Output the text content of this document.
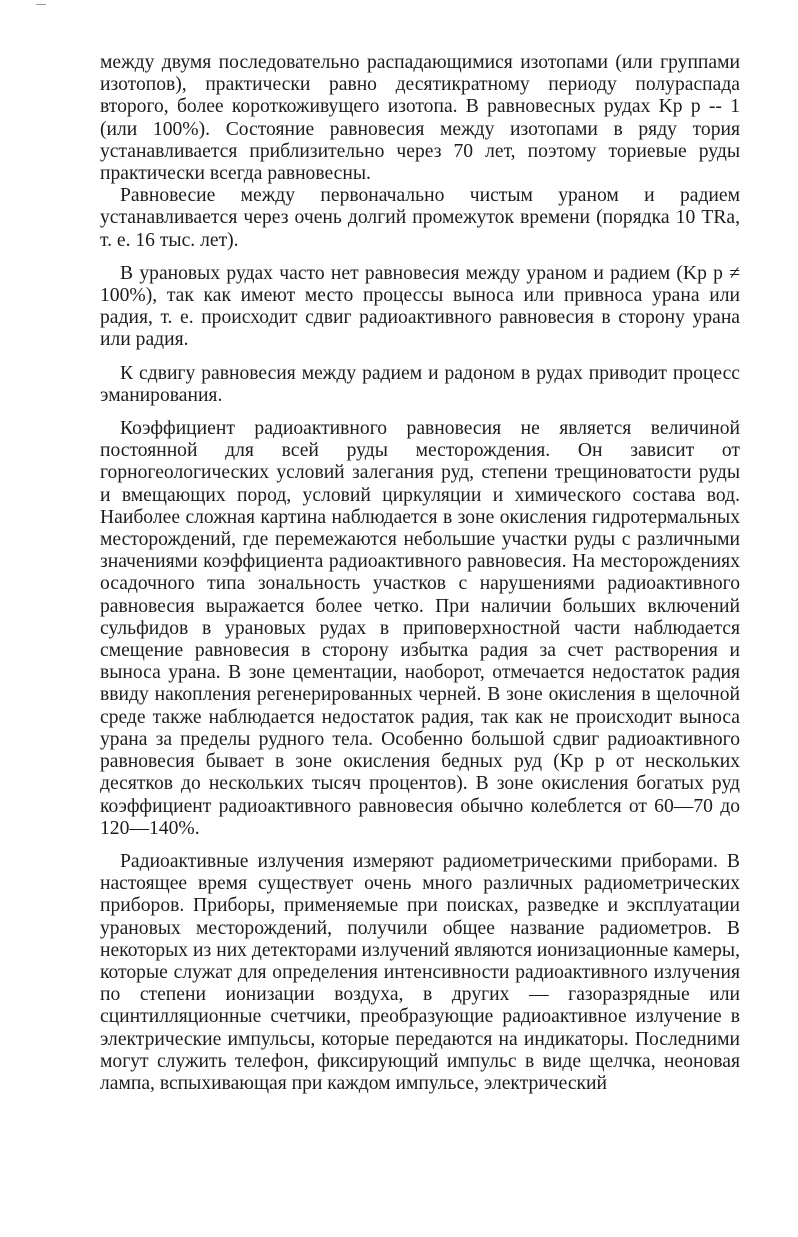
между двумя последовательно распадающимися изотопами (или группами изотопов), практически равно десятикратному периоду полураспада второго, более короткоживущего изотопа. В равновесных рудах Kр р -- 1 (или 100%). Состояние равновесия между изотопами в ряду тория устанавливается приблизительно через 70 лет, поэтому ториевые руды практически всегда равновесны.

Равновесие между первоначально чистым ураном и радием устанавливается через очень долгий промежуток времени (порядка 10 TRa, т. е. 16 тыс. лет).

В урановых рудах часто нет равновесия между ураном и радием (Kр р ≠ 100%), так как имеют место процессы выноса или привноса урана или радия, т. е. происходит сдвиг радиоактивного равновесия в сторону урана или радия.

К сдвигу равновесия между радием и радоном в рудах приводит процесс эманирования.

Коэффициент радиоактивного равновесия не является величиной постоянной для всей руды месторождения. Он зависит от горногеологических условий залегания руд, степени трещиноватости руды и вмещающих пород, условий циркуляции и химического состава вод. Наиболее сложная картина наблюдается в зоне окисления гидротермальных месторождений, где перемежаются небольшие участки руды с различными значениями коэффициента радиоактивного равновесия. На месторождениях осадочного типа зональность участков с нарушениями радиоактивного равновесия выражается более четко. При наличии больших включений сульфидов в урановых рудах в приповерхностной части наблюдается смещение равновесия в сторону избытка радия за счет растворения и выноса урана. В зоне цементации, наоборот, отмечается недостаток радия ввиду накопления регенерированных черней. В зоне окисления в щелочной среде также наблюдается недостаток радия, так как не происходит выноса урана за пределы рудного тела. Особенно большой сдвиг радиоактивного равновесия бывает в зоне окисления бедных руд (Kр р от нескольких десятков до нескольких тысяч процентов). В зоне окисления богатых руд коэффициент радиоактивного равновесия обычно колеблется от 60—70 до 120—140%.

Радиоактивные излучения измеряют радиометрическими приборами. В настоящее время существует очень много различных радиометрических приборов. Приборы, применяемые при поисках, разведке и эксплуатации урановых месторождений, получили общее название радиометров. В некоторых из них детекторами излучений являются ионизационные камеры, которые служат для определения интенсивности радиоактивного излучения по степени ионизации воздуха, в других — газоразрядные или сцинтилляционные счетчики, преобразующие радиоактивное излучение в электрические импульсы, которые передаются на индикаторы. Последними могут служить телефон, фиксирующий импульс в виде щелчка, неоновая лампа, вспыхивающая при каждом импульсе, электрический
